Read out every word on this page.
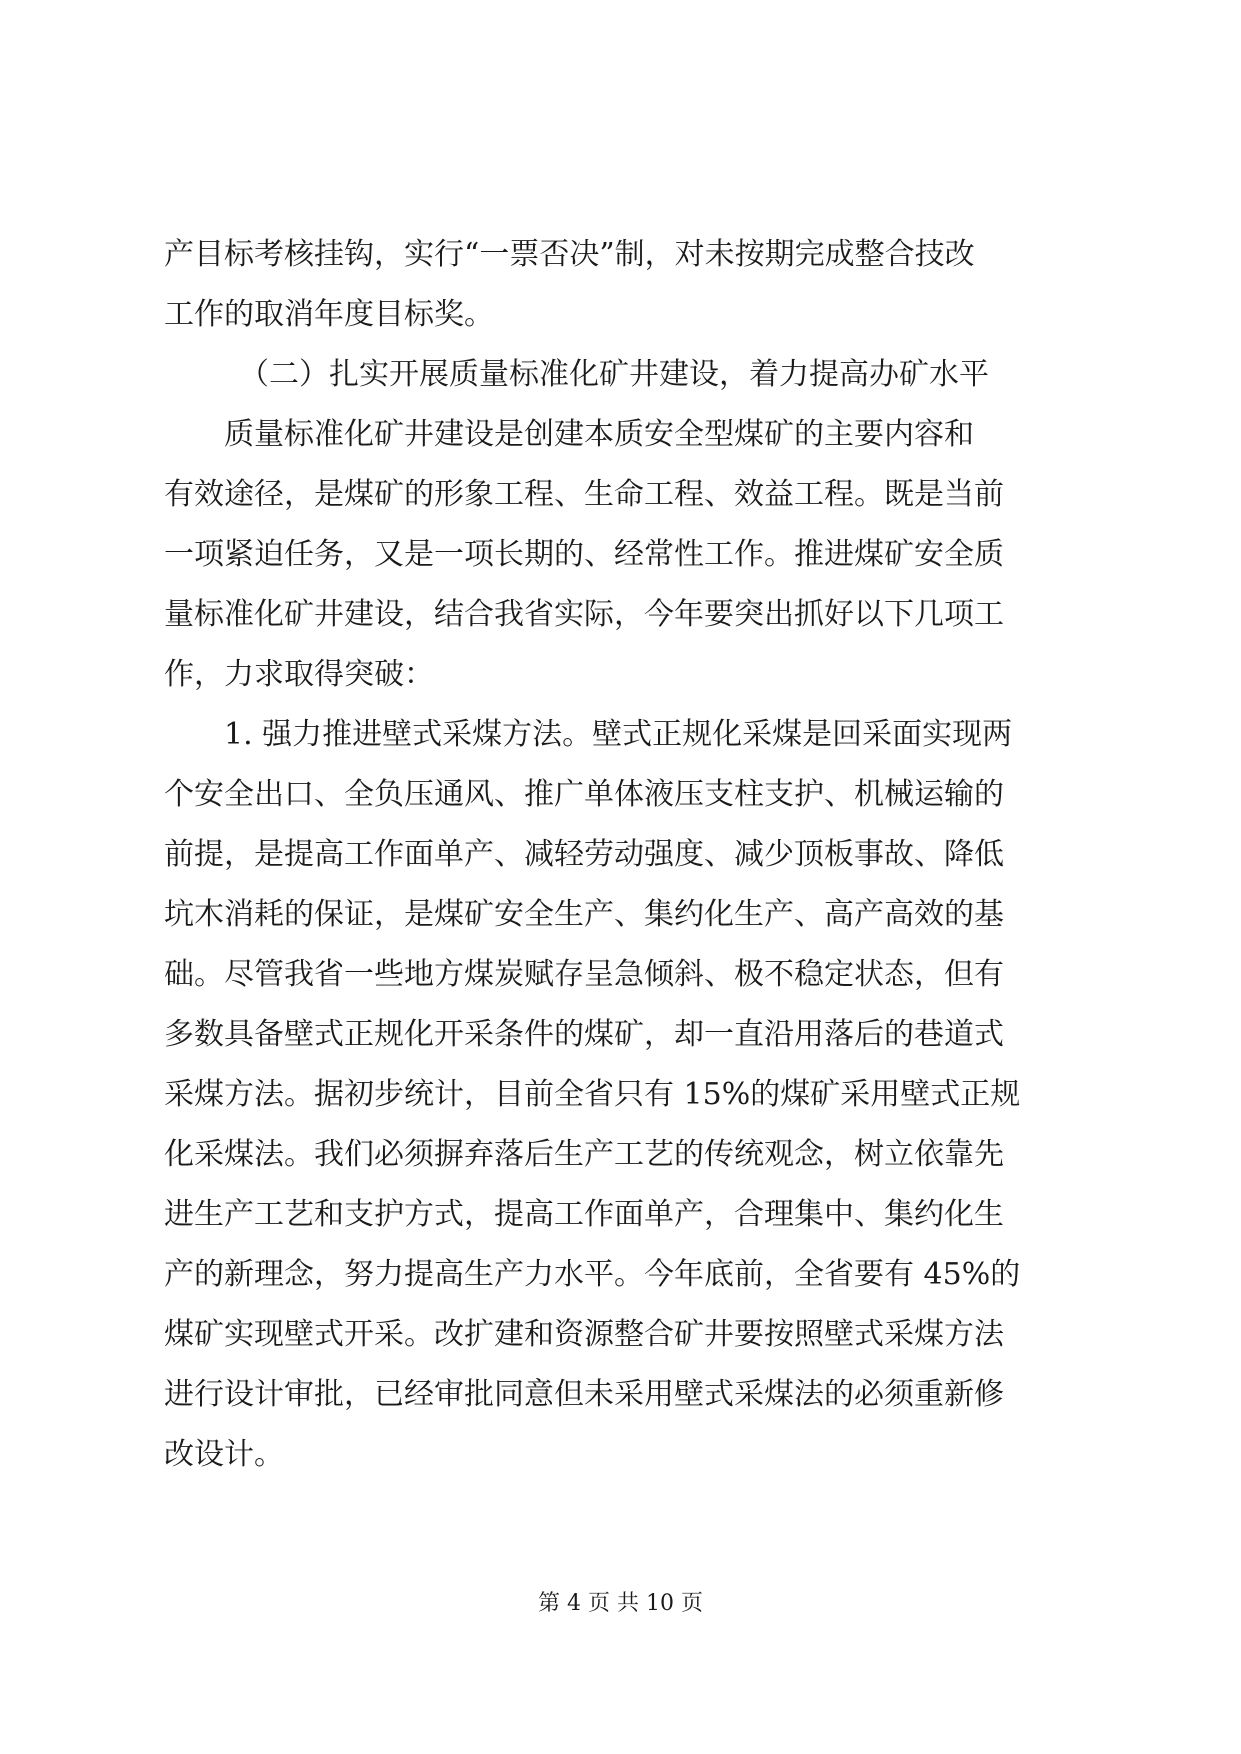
产目标考核挂钩，实行“一票否决”制，对未按期完成整合技改
工作的取消年度目标奖。
（二）扎实开展质量标准化矿井建设，着力提高办矿水平
质量标准化矿井建设是创建本质安全型煤矿的主要内容和
有效途径，是煤矿的形象工程、生命工程、效益工程。既是当前
一项紧迫任务，又是一项长期的、经常性工作。推进煤矿安全质
量标准化矿井建设，结合我省实际，今年要突出抓好以下几项工
作，力求取得突破：
1. 强力推进壁式采煤方法。壁式正规化采煤是回采面实现两
个安全出口、全负压通风、推广单体液压支柱支护、机械运输的
前提，是提高工作面单产、减轻劳动强度、减少顶板事故、降低
坑木消耗的保证，是煤矿安全生产、集约化生产、高产高效的基
础。尽管我省一些地方煤炭赋存呈急倾斜、极不稳定状态，但有
多数具备壁式正规化开采条件的煤矿，却一直沿用落后的巷道式
采煤方法。据初步统计，目前全省只有 15%的煤矿采用壁式正规
化采煤法。我们必须摒弃落后生产工艺的传统观念，树立依靠先
进生产工艺和支护方式，提高工作面单产，合理集中、集约化生
产的新理念，努力提高生产力水平。今年底前，全省要有 45%的
煤矿实现壁式开采。改扩建和资源整合矿井要按照壁式采煤方法
进行设计审批，已经审批同意但未采用壁式采煤法的必须重新修
改设计。
第 4 页 共 10 页
